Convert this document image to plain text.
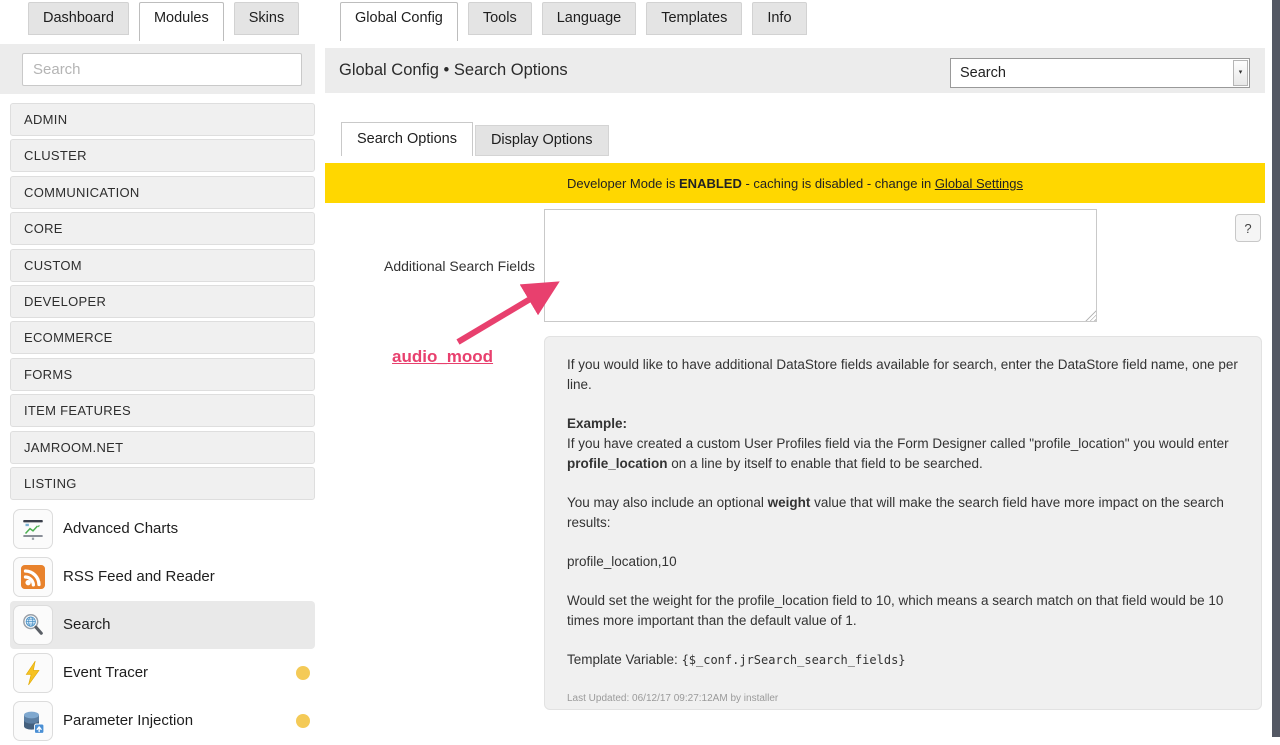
Dashboard	Modules	Skins	Global Config	Tools	Language	Templates	Info
Search
ADMIN
CLUSTER
COMMUNICATION
CORE
CUSTOM
DEVELOPER
ECOMMERCE
FORMS
ITEM FEATURES
JAMROOM.NET
LISTING
Advanced Charts
RSS Feed and Reader
Search
Event Tracer
Parameter Injection
Global Config • Search Options	Search	▾
Search Options Display Options
Developer Mode is ENABLED - caching is disabled - change in Global Settings
Additional Search Fields
?
audio_mood	If you would like to have additional DataStore fields available for search, enter the DataStore field name, one per line.
Example:
If you have created a custom User Profiles field via the Form Designer called "profile_location" you would enter profile_location on a line by itself to enable that field to be searched.
You may also include an optional weight value that will make the search field have more impact on the search results:
profile_location,10
Would set the weight for the profile_location field to 10, which means a search match on that field would be 10 times more important than the default value of 1.
Template Variable: {$_conf.jrSearch_search_fields}
Last Updated: 06/12/17 09:27:12AM by installer
